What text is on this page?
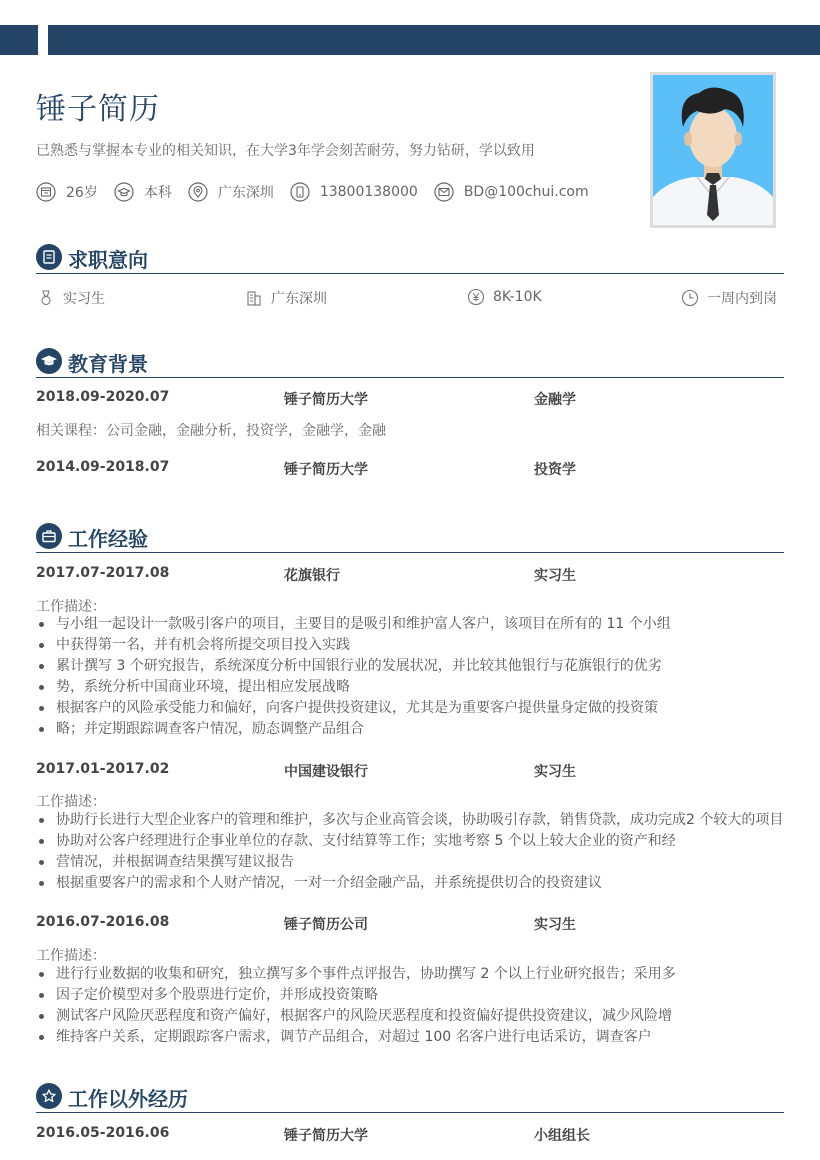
锤子简历
已熟悉与掌握本专业的相关知识，在大学3年学会刻苦耐劳，努力钻研，学以致用
26岁	本科	广东深圳	13800138000	BD@100chui.com
求职意向
实习生	广东深圳	8K-10K	一周内到岗
教育背景
2018.09-2020.07	锤子简历大学	金融学
相关课程：公司金融，金融分析，投资学，金融学，金融
2014.09-2018.07	锤子简历大学	投资学
工作经验
2017.07-2017.08	花旗银行	实习生
工作描述：
与小组一起设计一款吸引客户的项目，主要目的是吸引和维护富人客户，该项目在所有的 11 个小组
中获得第一名，并有机会将所提交项目投入实践
累计撰写 3 个研究报告，系统深度分析中国银行业的发展状况，并比较其他银行与花旗银行的优劣
势，系统分析中国商业环境，提出相应发展战略
根据客户的风险承受能力和偏好，向客户提供投资建议，尤其是为重要客户提供量身定做的投资策
略；并定期跟踪调查客户情况，励态调整产品组合
2017.01-2017.02	中国建设银行	实习生
工作描述：
协助行长进行大型企业客户的管理和维护，多次与企业高管会谈，协助吸引存款，销售贷款，成功完成2 个较大的项目
协助对公客户经理进行企事业单位的存款、支付结算等工作；实地考察 5 个以上较大企业的资产和经
营情况，并根据调查结果撰写建议报告
根据重要客户的需求和个人财产情况，一对一介绍金融产品，并系统提供切合的投资建议
2016.07-2016.08	锤子简历公司	实习生
工作描述：
进行行业数据的收集和研究，独立撰写多个事件点评报告，协助撰写 2 个以上行业研究报告；采用多
因子定价模型对多个股票进行定价，并形成投资策略
测试客户风险厌恶程度和资产偏好，根据客户的风险厌恶程度和投资偏好提供投资建议，减少风险增
维持客户关系，定期跟踪客户需求，调节产品组合，对超过 100 名客户进行电话采访，调查客户
工作以外经历
2016.05-2016.06	锤子简历大学	小组组长
